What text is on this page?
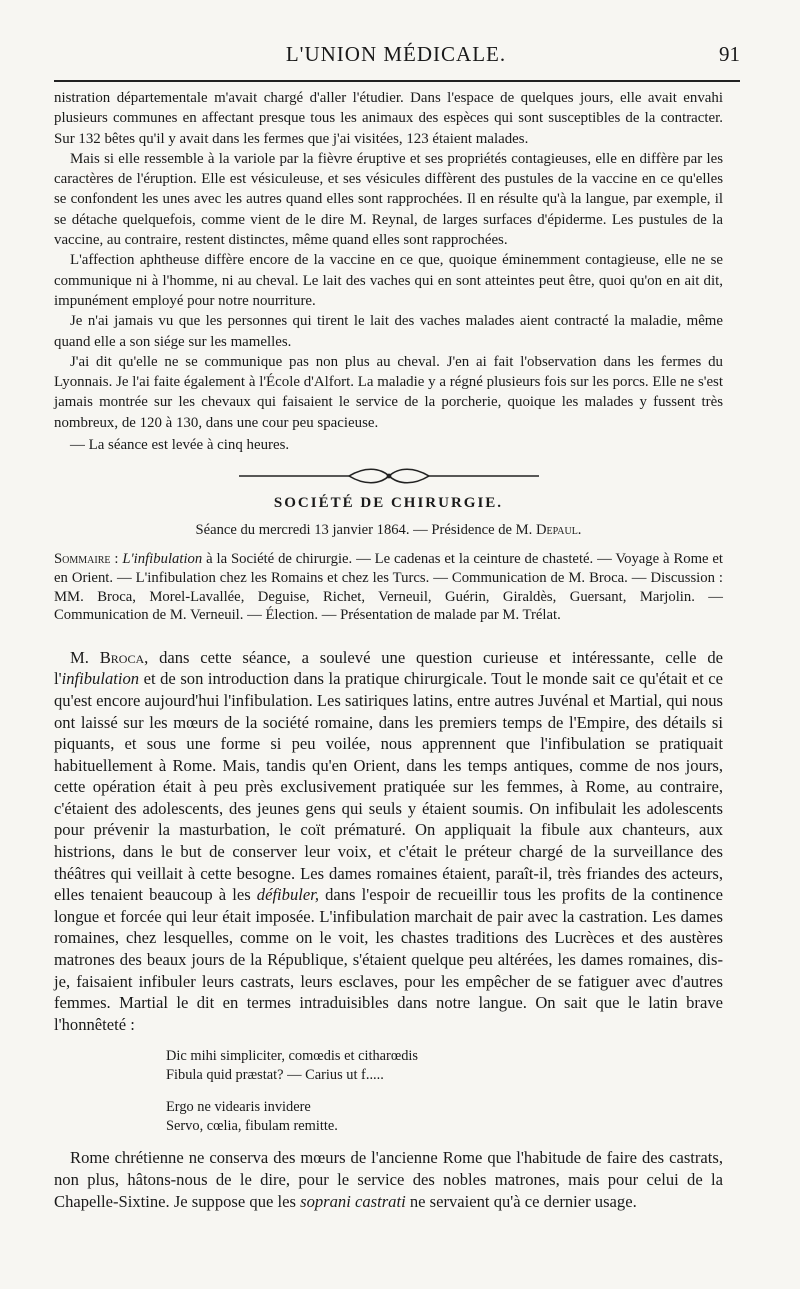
L'UNION MÉDICALE.	91

nistration départementale m'avait chargé d'aller l'étudier. Dans l'espace de quelques jours, elle avait envahi plusieurs communes en affectant presque tous les animaux des espèces qui sont susceptibles de la contracter. Sur 132 bêtes qu'il y avait dans les fermes que j'ai visitées, 123 étaient malades.

Mais si elle ressemble à la variole par la fièvre éruptive et ses propriétés contagieuses, elle en diffère par les caractères de l'éruption. Elle est vésiculeuse, et ses vésicules diffèrent des pustules de la vaccine en ce qu'elles se confondent les unes avec les autres quand elles sont rapprochées. Il en résulte qu'à la langue, par exemple, il se détache quelquefois, comme vient de le dire M. Reynal, de larges surfaces d'épiderme. Les pustules de la vaccine, au contraire, restent distinctes, même quand elles sont rapprochées.

L'affection aphtheuse diffère encore de la vaccine en ce que, quoique éminemment contagieuse, elle ne se communique ni à l'homme, ni au cheval. Le lait des vaches qui en sont atteintes peut être, quoi qu'on en ait dit, impunément employé pour notre nourriture.

Je n'ai jamais vu que les personnes qui tirent le lait des vaches malades aient contracté la maladie, même quand elle a son siége sur les mamelles.

J'ai dit qu'elle ne se communique pas non plus au cheval. J'en ai fait l'observation dans les fermes du Lyonnais. Je l'ai faite également à l'École d'Alfort. La maladie y a régné plusieurs fois sur les porcs. Elle ne s'est jamais montrée sur les chevaux qui faisaient le service de la porcherie, quoique les malades y fussent très nombreux, de 120 à 130, dans une cour peu spacieuse.

— La séance est levée à cinq heures.

SOCIÉTÉ DE CHIRURGIE.
Séance du mercredi 13 janvier 1864. — Présidence de M. Depaul.

Sommaire : L'infibulation à la Société de chirurgie. — Le cadenas et la ceinture de chasteté. — Voyage à Rome et en Orient. — L'infibulation chez les Romains et chez les Turcs. — Communication de M. Broca. — Discussion : MM. Broca, Morel-Lavallée, Deguise, Richet, Verneuil, Guérin, Giraldès, Guersant, Marjolin. — Communication de M. Verneuil. — Élection. — Présentation de malade par M. Trélat.

M. Broca, dans cette séance, a soulevé une question curieuse et intéressante, celle de l'infibulation et de son introduction dans la pratique chirurgicale. Tout le monde sait ce qu'était et ce qu'est encore aujourd'hui l'infibulation. Les satiriques latins, entre autres Juvénal et Martial, qui nous ont laissé sur les mœurs de la société romaine, dans les premiers temps de l'Empire, des détails si piquants, et sous une forme si peu voilée, nous apprennent que l'infibulation se pratiquait habituellement à Rome. Mais, tandis qu'en Orient, dans les temps antiques, comme de nos jours, cette opération était à peu près exclusivement pratiquée sur les femmes, à Rome, au contraire, c'étaient des adolescents, des jeunes gens qui seuls y étaient soumis. On infibulait les adolescents pour prévenir la masturbation, le coït prématuré. On appliquait la fibule aux chanteurs, aux histrions, dans le but de conserver leur voix, et c'était le préteur chargé de la surveillance des théâtres qui veillait à cette besogne. Les dames romaines étaient, paraît-il, très friandes des acteurs, elles tenaient beaucoup à les défibuler, dans l'espoir de recueillir tous les profits de la continence longue et forcée qui leur était imposée. L'infibulation marchait de pair avec la castration. Les dames romaines, chez lesquelles, comme on le voit, les chastes traditions des Lucrèces et des austères matrones des beaux jours de la République, s'étaient quelque peu altérées, les dames romaines, dis-je, faisaient infibuler leurs castrats, leurs esclaves, pour les empêcher de se fatiguer avec d'autres femmes. Martial le dit en termes intraduisibles dans notre langue. On sait que le latin brave l'honnêteté :

Dic mihi simpliciter, comœdis et citharœdis
Fibula quid præstat? — Carius ut f.....
Ergo ne videaris invidere
Servo, cœlia, fibulam remitte.

Rome chrétienne ne conserva des mœurs de l'ancienne Rome que l'habitude de faire des castrats, non plus, hâtons-nous de le dire, pour le service des nobles matrones, mais pour celui de la Chapelle-Sixtine. Je suppose que les soprani castrati ne servaient qu'à ce dernier usage.
